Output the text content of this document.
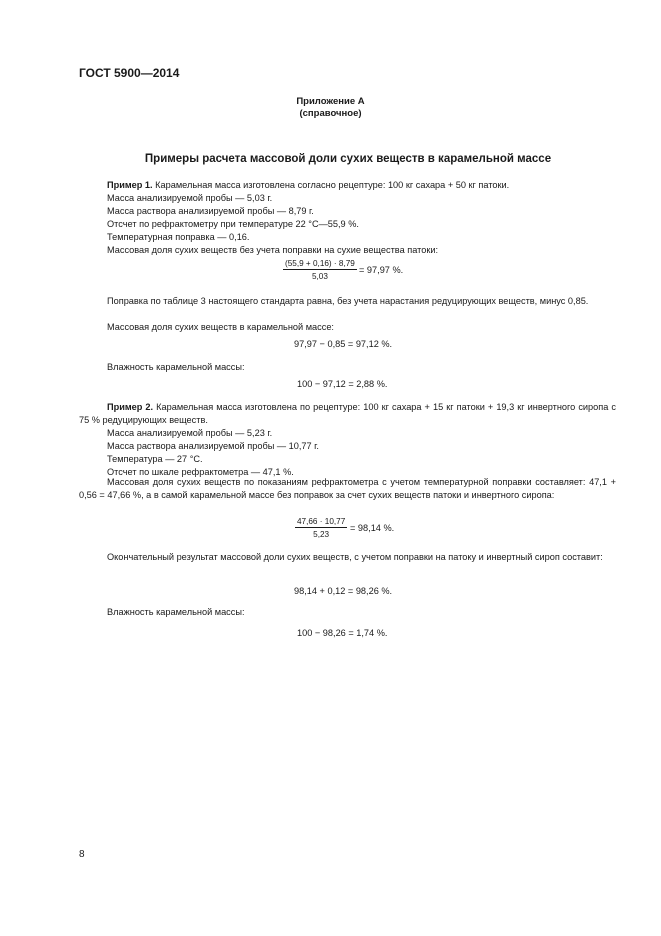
ГОСТ 5900—2014
Приложение А
(справочное)
Примеры расчета массовой доли сухих веществ в карамельной массе
Пример 1. Карамельная масса изготовлена согласно рецептуре: 100 кг сахара + 50 кг патоки.
Масса анализируемой пробы — 5,03 г.
Масса раствора анализируемой пробы — 8,79 г.
Отсчет по рефрактометру при температуре 22 °С—55,9 %.
Температурная поправка — 0,16.
Массовая доля сухих веществ без учета поправки на сухие вещества патоки:
$\frac{(55,9 + 0,16) \cdot 8,79}{5,03} = 97,97$ %.
Поправка по таблице 3 настоящего стандарта равна, без учета нарастания редуцирующих веществ, минус 0,85.
Массовая доля сухих веществ в карамельной массе:
97,97 − 0,85 = 97,12 %.
Влажность карамельной массы:
100 − 97,12 = 2,88 %.
Пример 2. Карамельная масса изготовлена по рецептуре: 100 кг сахара + 15 кг патоки + 19,3 кг инвертного сиропа с 75 % редуцирующих веществ.
Масса анализируемой пробы — 5,23 г.
Масса раствора анализируемой пробы — 10,77 г.
Температура — 27 °С.
Отсчет по шкале рефрактометра — 47,1 %.
Массовая доля сухих веществ по показаниям рефрактометра с учетом температурной поправки составляет: 47,1 + 0,56 = 47,66 %, а в самой карамельной массе без поправок за счет сухих веществ патоки и инвертного сиропа:
$\frac{47,66 \cdot 10,77}{5,23} = 98,14$ %.
Окончательный результат массовой доли сухих веществ, с учетом поправки на патоку и инвертный сироп составит:
98,14 + 0,12 = 98,26 %.
Влажность карамельной массы:
100 − 98,26 = 1,74 %.
8
